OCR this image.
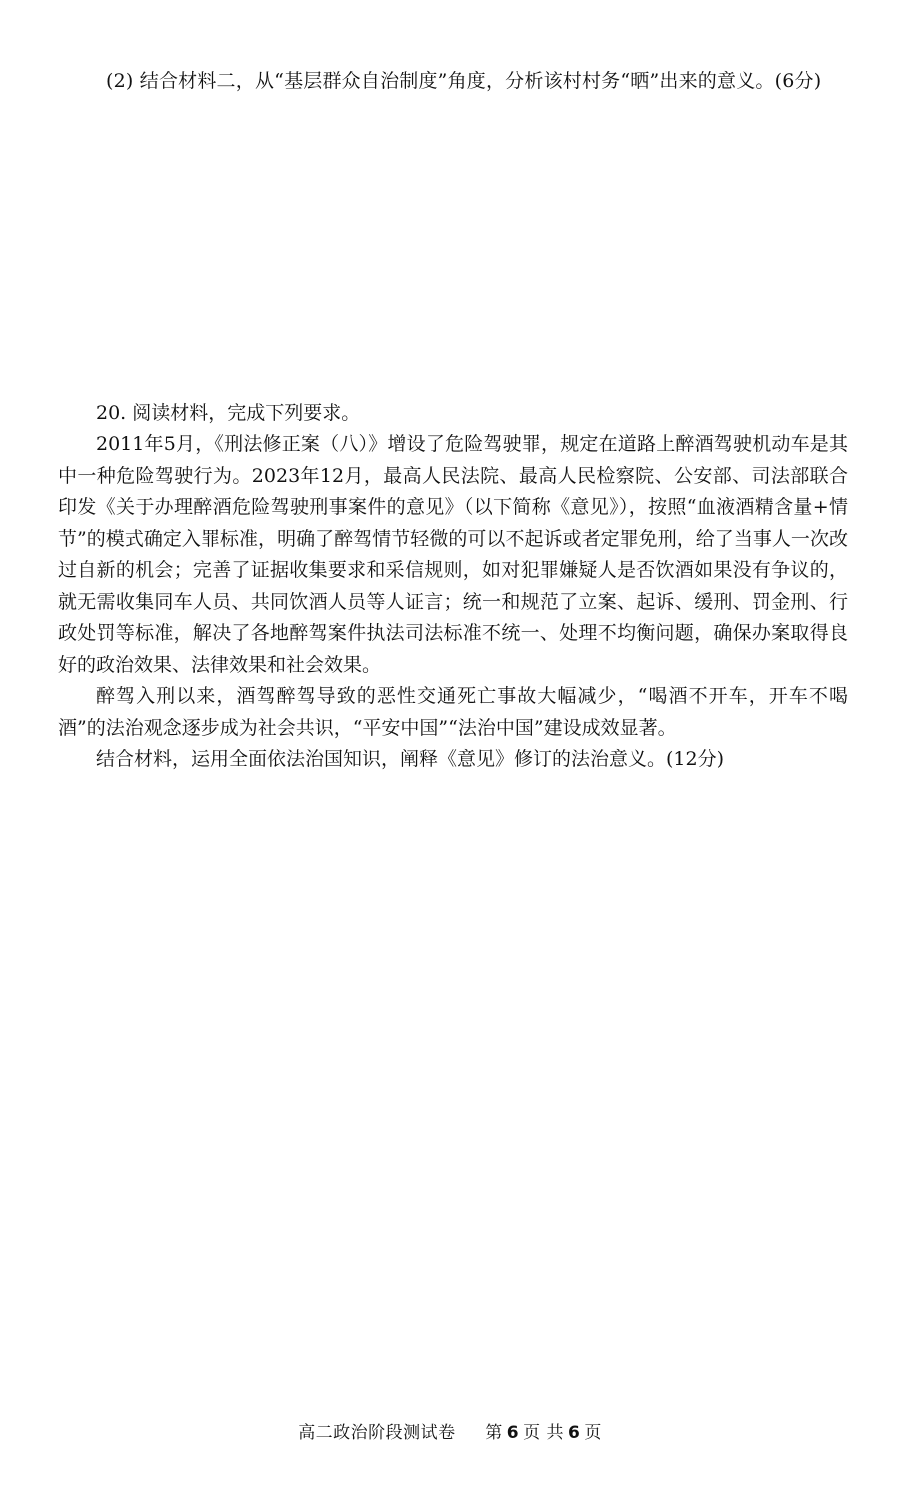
(2) 结合材料二，从“基层群众自治制度”角度，分析该村村务“晒”出来的意义。(6分)
20. 阅读材料，完成下列要求。

2011年5月，《刑法修正案（八）》增设了危险驾驶罪，规定在道路上醉酒驾驶机动车是其中一种危险驾驶行为。2023年12月，最高人民法院、最高人民检察院、公安部、司法部联合印发《关于办理醉酒危险驾驶刑事案件的意见》（以下简称《意见》），按照“血液酒精含量+情节”的模式确定入罪标准，明确了醉驾情节轻微的可以不起诉或者定罪免刑，给了当事人一次改过自新的机会；完善了证据收集要求和采信规则，如对犯罪嫌疑人是否饮酒如果没有争议的，就无需收集同车人员、共同饮酒人员等人证言；统一和规范了立案、起诉、缓刑、罚金刑、行政处罚等标准，解决了各地醉驾案件执法司法标准不统一、处理不均衡问题，确保办案取得良好的政治效果、法律效果和社会效果。

醉驾入刑以来，酒驾醉驾导致的恶性交通死亡事故大幅减少，“喝酒不开车，开车不喝酒”的法治观念逐步成为社会共识，“平安中国”“法治中国”建设成效显著。

结合材料，运用全面依法治国知识，阐释《意见》修订的法治意义。(12分)

高二政治阶段测试卷 第 6 页 共 6 页
